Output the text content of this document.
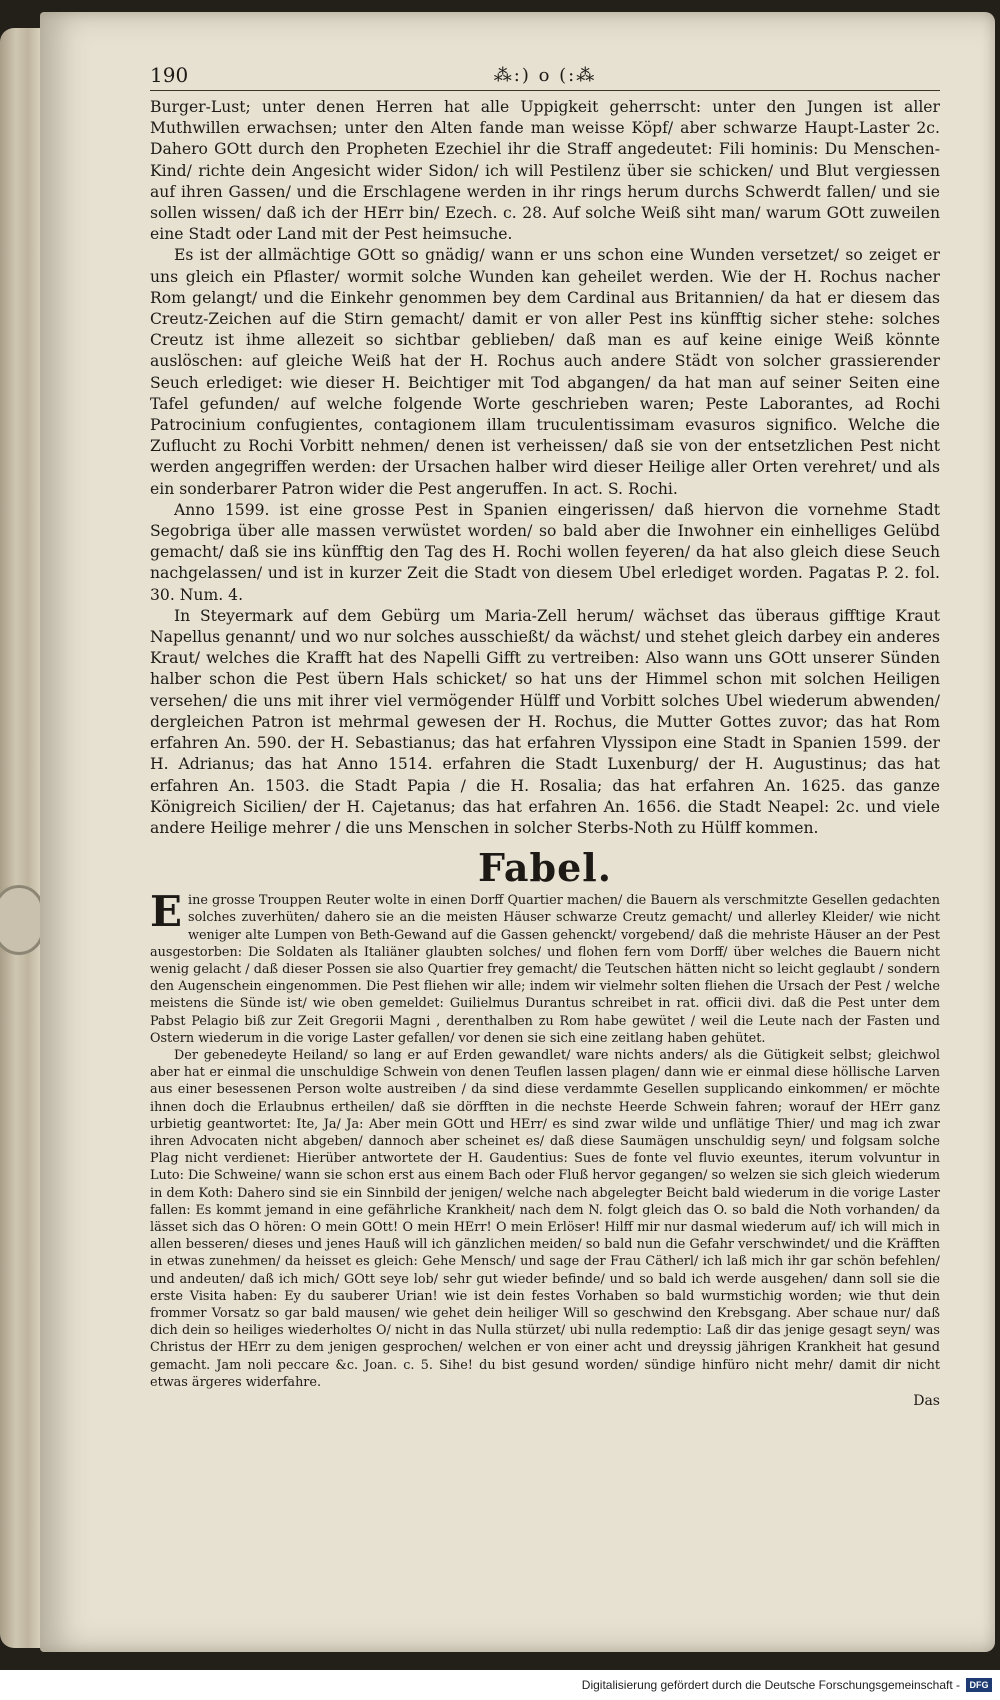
190	⁂:) o (:⁂

Burger-Lust; unter denen Herren hat alle Uppigkeit geherrscht: unter den Jungen ist aller Muthwillen erwachsen; unter den Alten fande man weisse Köpf/ aber schwarze Haupt-Laster 2c. Dahero GOtt durch den Propheten Ezechiel ihr die Straff angedeutet: Fili hominis: Du Menschen-Kind/ richte dein Angesicht wider Sidon/ ich will Pestilenz über sie schicken/ und Blut vergiessen auf ihren Gassen/ und die Erschlagene werden in ihr rings herum durchs Schwerdt fallen/ und sie sollen wissen/ daß ich der HErr bin/ Ezech. c. 28. Auf solche Weiß siht man/ warum GOtt zuweilen eine Stadt oder Land mit der Pest heimsuche.

Es ist der allmächtige GOtt so gnädig/ wann er uns schon eine Wunden versetzet/ so zeiget er uns gleich ein Pflaster/ wormit solche Wunden kan geheilet werden. Wie der H. Rochus nacher Rom gelangt/ und die Einkehr genommen bey dem Cardinal aus Britannien/ da hat er diesem das Creutz-Zeichen auf die Stirn gemacht/ damit er von aller Pest ins künfftig sicher stehe: solches Creutz ist ihme allezeit so sichtbar geblieben/ daß man es auf keine einige Weiß könnte auslöschen: auf gleiche Weiß hat der H. Rochus auch andere Städt von solcher grassierender Seuch erlediget: wie dieser H. Beichtiger mit Tod abgangen/ da hat man auf seiner Seiten eine Tafel gefunden/ auf welche folgende Worte geschrieben waren; Peste Laborantes, ad Rochi Patrocinium confugientes, contagionem illam truculentissimam evasuros significo. Welche die Zuflucht zu Rochi Vorbitt nehmen/ denen ist verheissen/ daß sie von der entsetzlichen Pest nicht werden angegriffen werden: der Ursachen halber wird dieser Heilige aller Orten verehret/ und als ein sonderbarer Patron wider die Pest angeruffen. In act. S. Rochi.

Anno 1599. ist eine grosse Pest in Spanien eingerissen/ daß hiervon die vornehme Stadt Segobriga über alle massen verwüstet worden/ so bald aber die Inwohner ein einhelliges Gelübd gemacht/ daß sie ins künfftig den Tag des H. Rochi wollen feyeren/ da hat also gleich diese Seuch nachgelassen/ und ist in kurzer Zeit die Stadt von diesem Ubel erlediget worden. Pagatas P. 2. fol. 30. Num. 4.

In Steyermark auf dem Gebürg um Maria-Zell herum/ wächset das überaus gifftige Kraut Napellus genannt/ und wo nur solches ausschießt/ da wächst/ und stehet gleich darbey ein anderes Kraut/ welches die Krafft hat des Napelli Gifft zu vertreiben: Also wann uns GOtt unserer Sünden halber schon die Pest übern Hals schicket/ so hat uns der Himmel schon mit solchen Heiligen versehen/ die uns mit ihrer viel vermögender Hülff und Vorbitt solches Ubel wiederum abwenden/ dergleichen Patron ist mehrmal gewesen der H. Rochus, die Mutter Gottes zuvor; das hat Rom erfahren An. 590. der H. Sebastianus; das hat erfahren Vlyssipon eine Stadt in Spanien 1599. der H. Adrianus; das hat Anno 1514. erfahren die Stadt Luxenburg/ der H. Augustinus; das hat erfahren An. 1503. die Stadt Papia / die H. Rosalia; das hat erfahren An. 1625. das ganze Königreich Sicilien/ der H. Cajetanus; das hat erfahren An. 1656. die Stadt Neapel: 2c. und viele andere Heilige mehrer / die uns Menschen in solcher Sterbs-Noth zu Hülff kommen.

Fabel.

Eine grosse Trouppen Reuter wolte in einen Dorff Quartier machen/ die Bauern als verschmitzte Gesellen gedachten solches zuverhüten/ dahero sie an die meisten Häuser schwarze Creutz gemacht/ und allerley Kleider/ wie nicht weniger alte Lumpen von Beth-Gewand auf die Gassen gehenckt/ vorgebend/ daß die mehriste Häuser an der Pest ausgestorben: Die Soldaten als Italiäner glaubten solches/ und flohen fern vom Dorff/ über welches die Bauern nicht wenig gelacht / daß dieser Possen sie also Quartier frey gemacht/ die Teutschen hätten nicht so leicht geglaubt / sondern den Augenschein eingenommen. Die Pest fliehen wir alle; indem wir vielmehr solten fliehen die Ursach der Pest / welche meistens die Sünde ist/ wie oben gemeldet: Guilielmus Durantus schreibet in rat. officii divi. daß die Pest unter dem Pabst Pelagio biß zur Zeit Gregorii Magni , derenthalben zu Rom habe gewütet / weil die Leute nach der Fasten und Ostern wiederum in die vorige Laster gefallen/ vor denen sie sich eine zeitlang haben gehütet.

Der gebenedeyte Heiland/ so lang er auf Erden gewandlet/ ware nichts anders/ als die Gütigkeit selbst; gleichwol aber hat er einmal die unschuldige Schwein von denen Teuflen lassen plagen/ dann wie er einmal diese höllische Larven aus einer besessenen Person wolte austreiben / da sind diese verdammte Gesellen supplicando einkommen/ er möchte ihnen doch die Erlaubnus ertheilen/ daß sie dörfften in die nechste Heerde Schwein fahren; worauf der HErr ganz urbietig geantwortet: Ite, Ja/ Ja: Aber mein GOtt und HErr/ es sind zwar wilde und unflätige Thier/ und mag ich zwar ihren Advocaten nicht abgeben/ dannoch aber scheinet es/ daß diese Saumägen unschuldig seyn/ und folgsam solche Plag nicht verdienet: Hierüber antwortete der H. Gaudentius: Sues de fonte vel fluvio exeuntes, iterum volvuntur in Luto: Die Schweine/ wann sie schon erst aus einem Bach oder Fluß hervor gegangen/ so welzen sie sich gleich wiederum in dem Koth: Dahero sind sie ein Sinnbild der jenigen/ welche nach abgelegter Beicht bald wiederum in die vorige Laster fallen: Es kommt jemand in eine gefährliche Krankheit/ nach dem N. folgt gleich das O. so bald die Noth vorhanden/ da lässet sich das O hören: O mein GOtt! O mein HErr! O mein Erlöser! Hilff mir nur dasmal wiederum auf/ ich will mich in allen besseren/ dieses und jenes Hauß will ich gänzlichen meiden/ so bald nun die Gefahr verschwindet/ und die Kräfften in etwas zunehmen/ da heisset es gleich: Gehe Mensch/ und sage der Frau Cätherl/ ich laß mich ihr gar schön befehlen/ und andeuten/ daß ich mich/ GOtt seye lob/ sehr gut wieder befinde/ und so bald ich werde ausgehen/ dann soll sie die erste Visita haben: Ey du sauberer Urian! wie ist dein festes Vorhaben so bald wurmstichig worden; wie thut dein frommer Vorsatz so gar bald mausen/ wie gehet dein heiliger Will so geschwind den Krebsgang. Aber schaue nur/ daß dich dein so heiliges wiederholtes O/ nicht in das Nulla stürzet/ ubi nulla redemptio: Laß dir das jenige gesagt seyn/ was Christus der HErr zu dem jenigen gesprochen/ welchen er von einer acht und dreyssig jährigen Krankheit hat gesund gemacht. Jam noli peccare &c. Joan. c. 5. Sihe! du bist gesund worden/ sündige hinfüro nicht mehr/ damit dir nicht etwas ärgeres widerfahre.

Das
Digitalisierung gefördert durch die Deutsche Forschungsgemeinschaft -	DFG
